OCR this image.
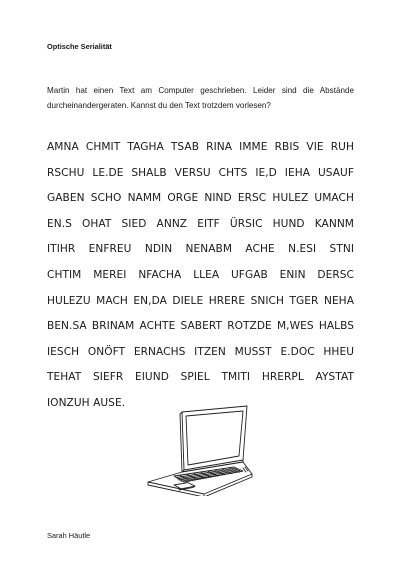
Optische Serialität

Martin hat einen Text am Computer geschrieben. Leider sind die Abstände durcheinandergeraten. Kannst du den Text trotzdem vorlesen?

AMNA CHMIT TAGHA TSAB RINA IMME RBIS VIE RUH
RSCHU LE.DE SHALB VERSU CHTS IE,D IEHA USAUF
GABEN SCHO NAMM ORGE NIND ERSC HULEZ UMACH
EN.S OHAT SIED ANNZ EITF ÜRSIC HUND KANNM
ITIHR ENFREU NDIN NENABM ACHE N.ESI STNI
CHTIM MEREI NFACHA LLEA UFGAB ENIN DERSC
HULEZU MACH EN,DA DIELE HRERE SNICH TGER NEHA
BEN.SA BRINAM ACHTE SABERT ROTZDE M,WES HALBS
IESCH ONÖFT ERNACHS ITZEN MUSST E.DOC HHEU
TEHAT SIEFR EIUND SPIEL TMITI HRERPL AYSTAT
IONZUH AUSE.

Sarah Häutle
